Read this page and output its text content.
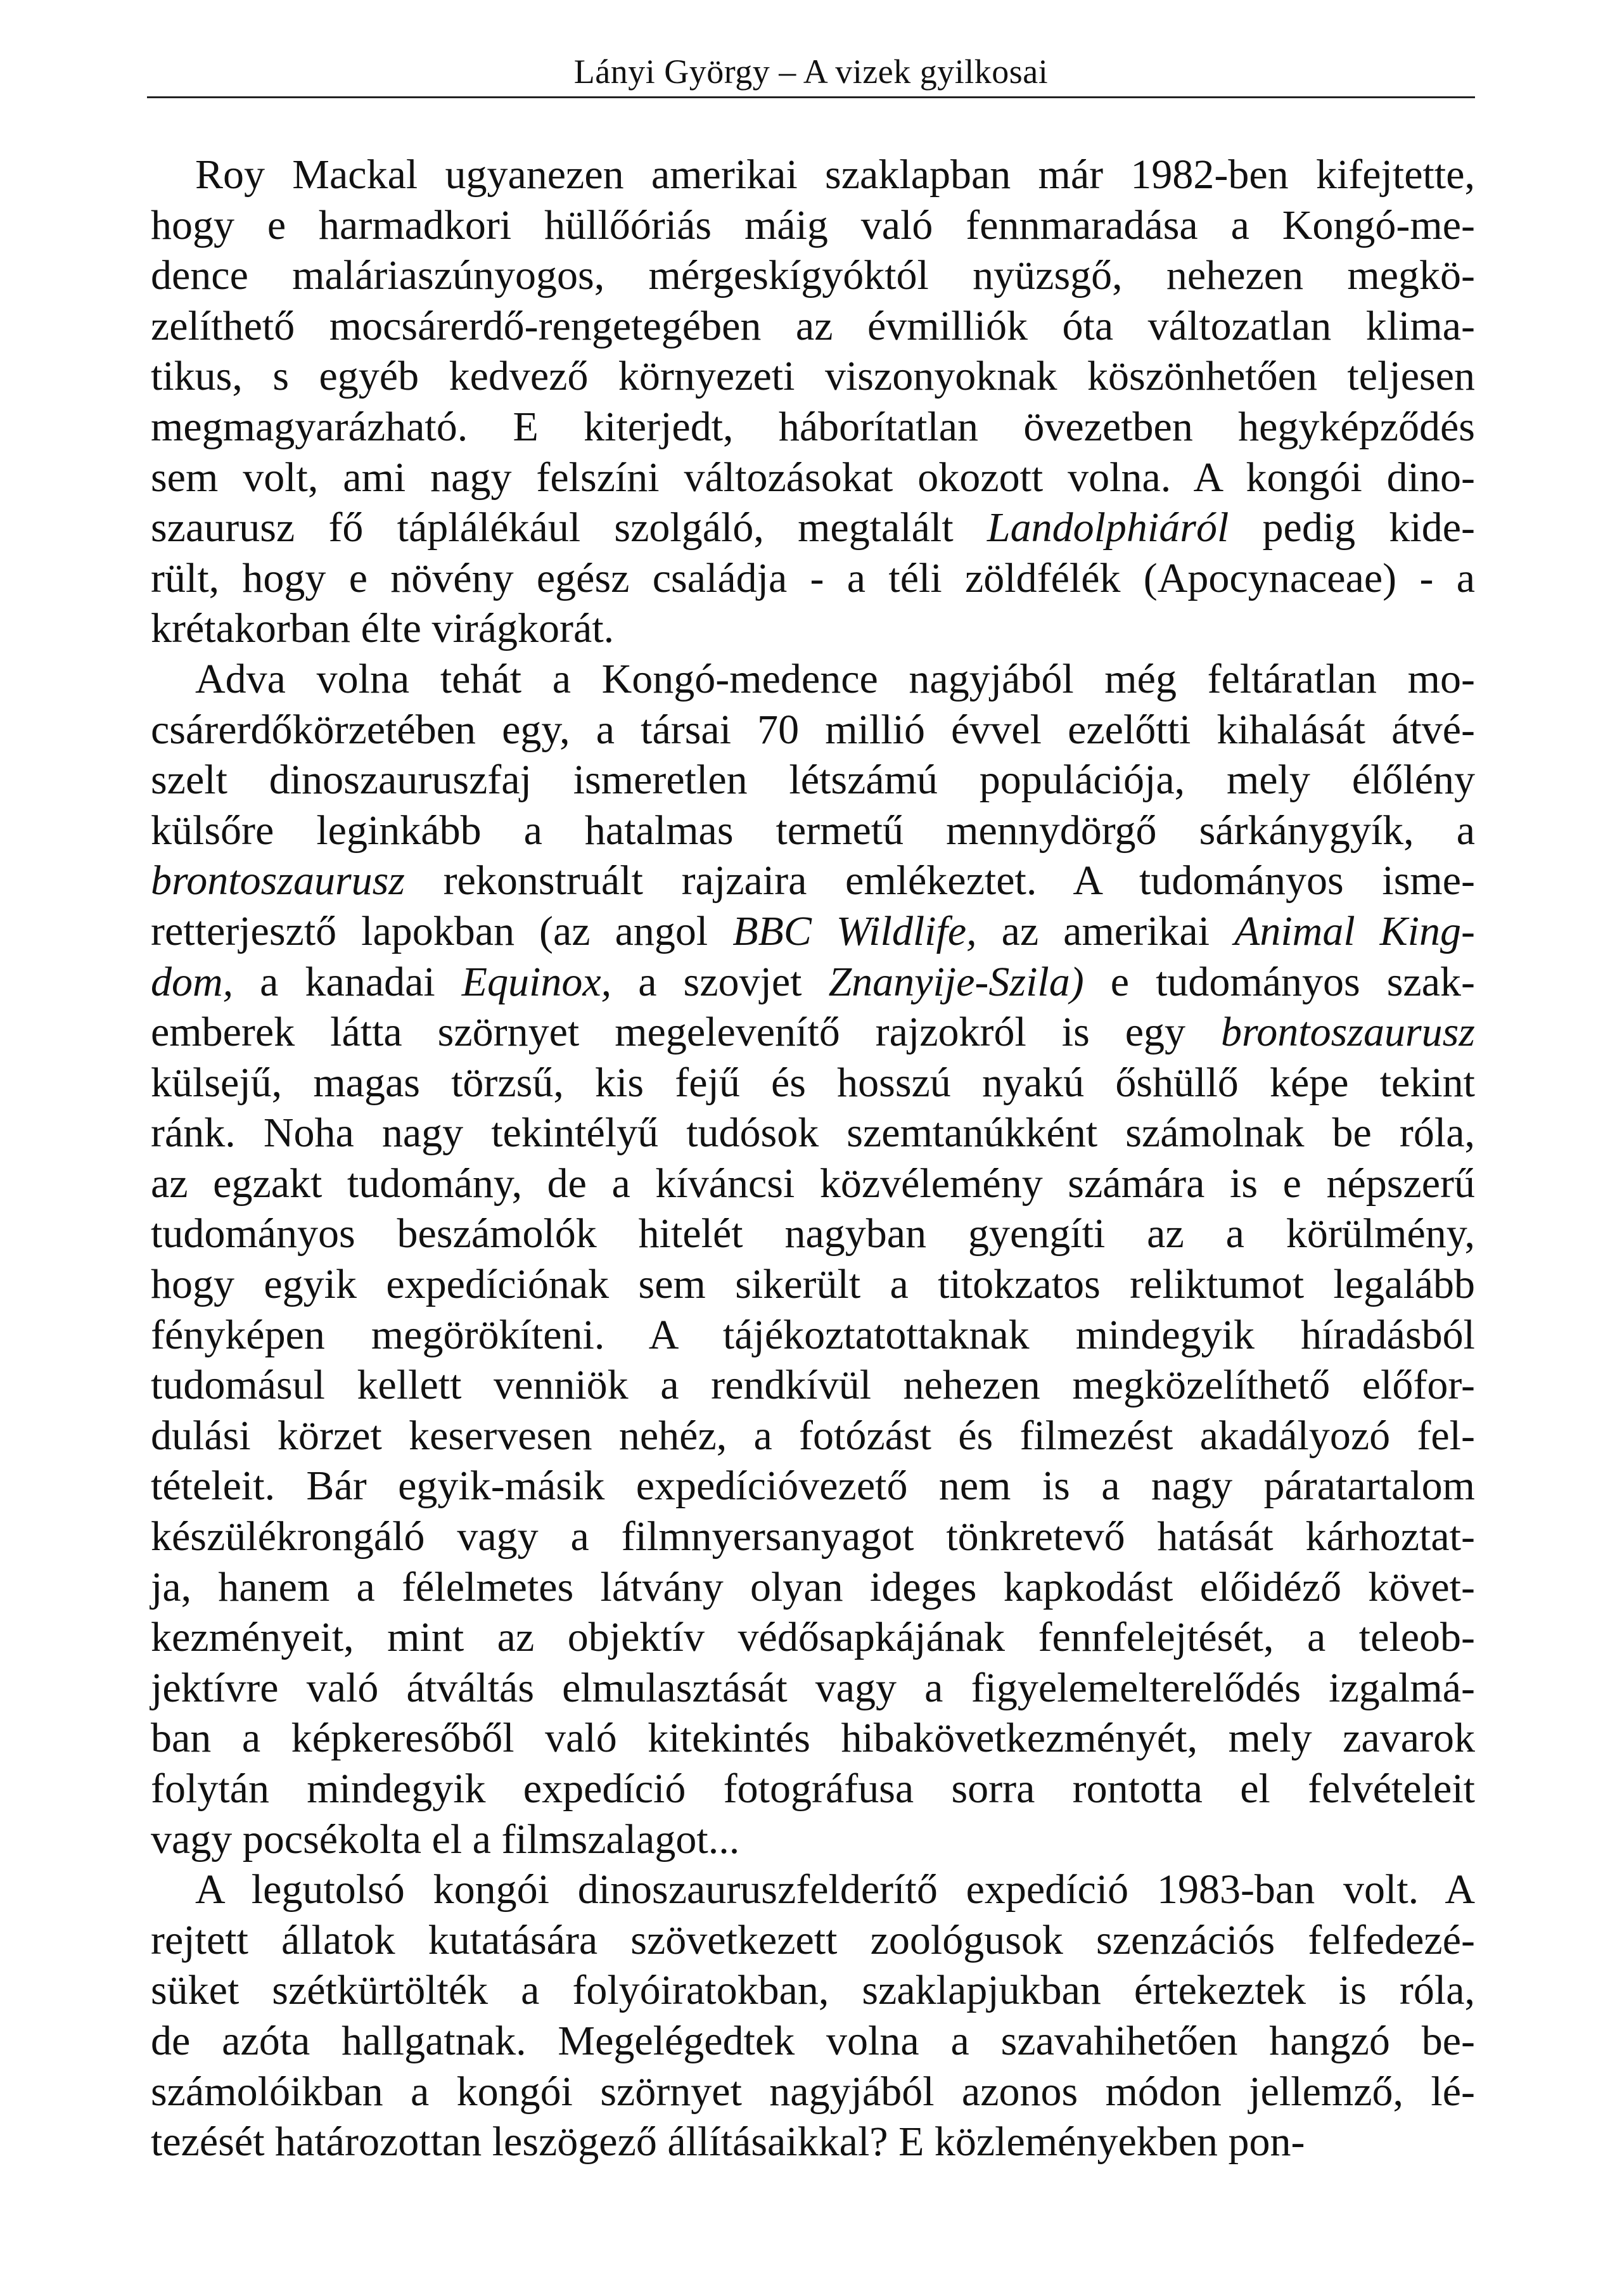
Lányi György – A vizek gyilkosai
Roy Mackal ugyanezen amerikai szaklapban már 1982-ben kifejtette,
hogy e harmadkori hüllőóriás máig való fennmaradása a Kongó-me-
dence maláriaszúnyogos, mérgeskígyóktól nyüzsgő, nehezen megkö-
zelíthető mocsárerdő-rengetegében az évmilliók óta változatlan klima-
tikus, s egyéb kedvező környezeti viszonyoknak köszönhetően teljesen
megmagyarázható. E kiterjedt, háborítatlan övezetben hegyképződés
sem volt, ami nagy felszíni változásokat okozott volna. A kongói dino-
szaurusz fő táplálékául szolgáló, megtalált Landolphiáról pedig kide-
rült, hogy e növény egész családja - a téli zöldfélék (Apocynaceae) - a
krétakorban élte virágkorát.
Adva volna tehát a Kongó-medence nagyjából még feltáratlan mo-
csárerdőkörzetében egy, a társai 70 millió évvel ezelőtti kihalását átvé-
szelt dinoszauruszfaj ismeretlen létszámú populációja, mely élőlény
külsőre leginkább a hatalmas termetű mennydörgő sárkánygyík, a
brontoszaurusz rekonstruált rajzaira emlékeztet. A tudományos isme-
retterjesztő lapokban (az angol BBC Wildlife, az amerikai Animal King-
dom, a kanadai Equinox, a szovjet Znanyije-Szila) e tudományos szak-
emberek látta szörnyet megelevenítő rajzokról is egy brontoszaurusz
külsejű, magas törzsű, kis fejű és hosszú nyakú őshüllő képe tekint
ránk. Noha nagy tekintélyű tudósok szemtanúkként számolnak be róla,
az egzakt tudomány, de a kíváncsi közvélemény számára is e népszerű
tudományos beszámolók hitelét nagyban gyengíti az a körülmény,
hogy egyik expedíciónak sem sikerült a titokzatos reliktumot legalább
fényképen megörökíteni. A tájékoztatottaknak mindegyik híradásból
tudomásul kellett venniök a rendkívül nehezen megközelíthető előfor-
dulási körzet keservesen nehéz, a fotózást és filmezést akadályozó fel-
tételeit. Bár egyik-másik expedícióvezető nem is a nagy páratartalom
készülékrongáló vagy a filmnyersanyagot tönkretevő hatását kárhoztat-
ja, hanem a félelmetes látvány olyan ideges kapkodást előidéző követ-
kezményeit, mint az objektív védősapkájának fennfelejtését, a teleob-
jektívre való átváltás elmulasztását vagy a figyelemelterelődés izgalmá-
ban a képkeresőből való kitekintés hibakövetkezményét, mely zavarok
folytán mindegyik expedíció fotográfusa sorra rontotta el felvételeit
vagy pocsékolta el a filmszalagot...
A legutolsó kongói dinoszauruszfelderítő expedíció 1983-ban volt. A
rejtett állatok kutatására szövetkezett zoológusok szenzációs felfedezé-
süket szétkürtölték a folyóiratokban, szaklapjukban értekeztek is róla,
de azóta hallgatnak. Megelégedtek volna a szavahihetően hangzó be-
számolóikban a kongói szörnyet nagyjából azonos módon jellemző, lé-
tezését határozottan leszögező állításaikkal? E közleményekben pon-
